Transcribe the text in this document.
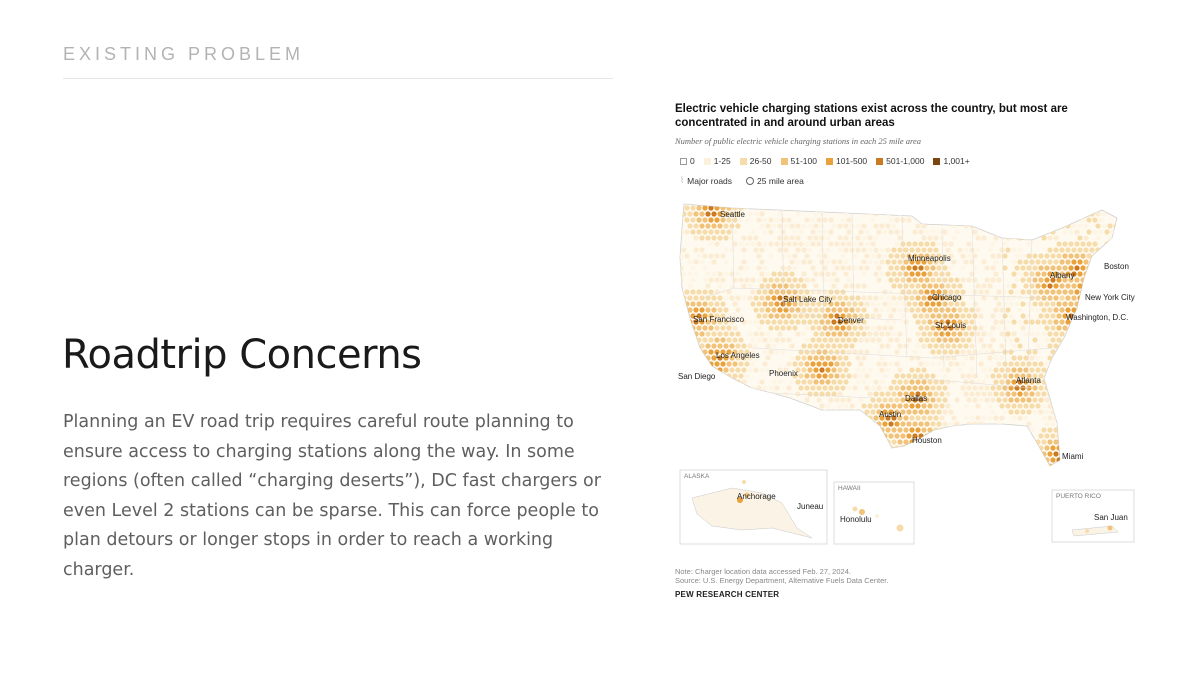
EXISTING PROBLEM
Roadtrip Concerns

Planning an EV road trip requires careful route planning to ensure access to charging stations along the way. In some regions (often called “charging deserts”), DC fast chargers or even Level 2 stations can be sparse. This can force people to plan detours or longer stops in order to reach a working charger.

Electric vehicle charging stations exist across the country, but most are concentrated in and around urban areas
Number of public electric vehicle charging stations in each 25 mile area
0 1-25 26-50 51-100 101-500 501-1,000 1,001+
⌇ Major roads	25 mile area
ALASKA
Anchorage
Juneau
HAWAII
Honolulu
PUERTO RICO
San Juan
Seattle
Minneapolis
Albany
Boston
Salt Lake City	Chicago	New York City
San Francisco	Denver
St. Louis
Washington, D.C.
Los Angeles
Phoenix
San Diego	Atlanta
Dallas
Austin
Houston
Miami
Note: Charger location data accessed Feb. 27, 2024.
Source: U.S. Energy Department, Alternative Fuels Data Center.
PEW RESEARCH CENTER
